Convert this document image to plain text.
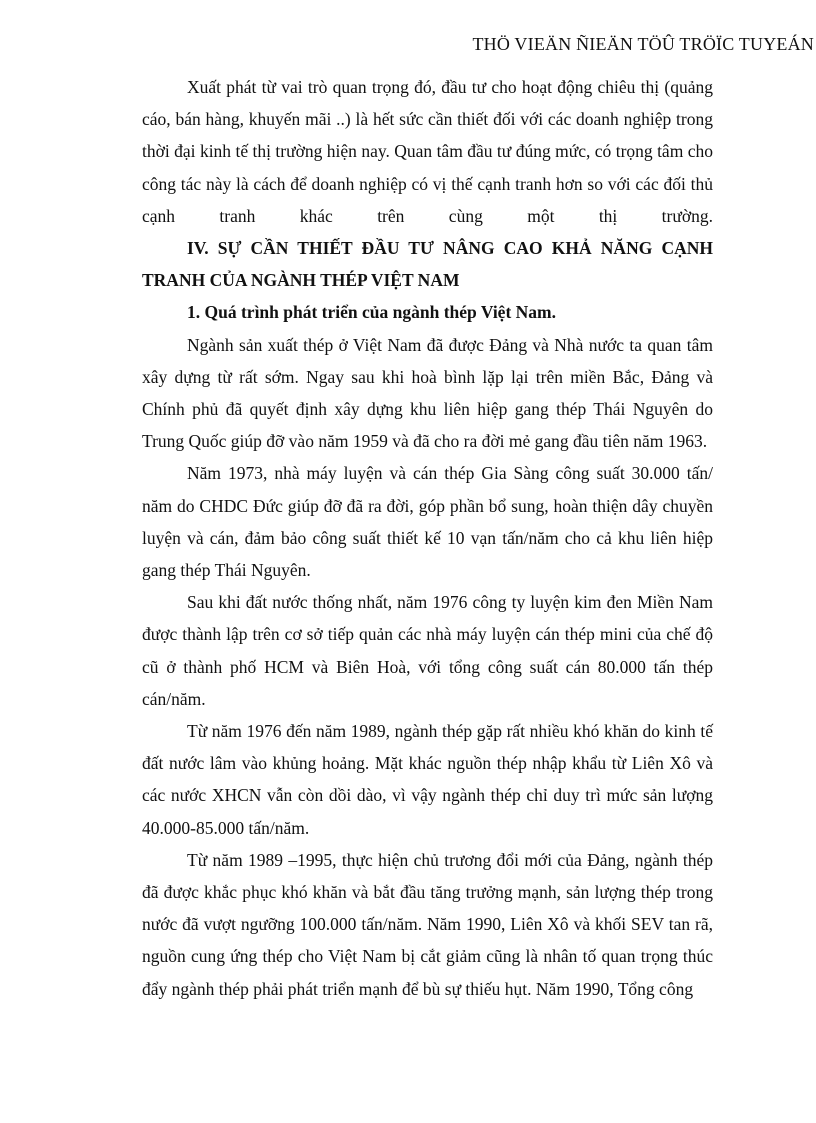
THÖ VIEÄN ÑIEÄN TÖÛ TRÖÏC TUYEÁN

Xuất phát từ vai trò quan trọng đó, đầu tư cho hoạt động chiêu thị (quảng cáo, bán hàng, khuyến mãi ..) là hết sức cần thiết đối với các doanh nghiệp trong thời đại kinh tế thị trường hiện nay. Quan tâm đầu tư đúng mức, có trọng tâm cho công tác này là cách để doanh nghiệp có vị thế cạnh tranh hơn so với các đối thủ cạnh tranh khác trên cùng một thị trường.

IV. SỰ CẦN THIẾT ĐẦU TƯ NÂNG CAO KHẢ NĂNG CẠNH TRANH CỦA NGÀNH THÉP VIỆT NAM

1. Quá trình phát triển của ngành thép Việt Nam.

Ngành sản xuất thép ở Việt Nam đã được Đảng và Nhà nước ta quan tâm xây dựng từ rất sớm. Ngay sau khi hoà bình lặp lại trên miền Bắc, Đảng và Chính phủ đã quyết định xây dựng khu liên hiệp gang thép Thái Nguyên do Trung Quốc giúp đỡ vào năm 1959 và đã cho ra đời mẻ gang đầu tiên năm 1963.

Năm 1973, nhà máy luyện và cán thép Gia Sàng công suất 30.000 tấn/ năm do CHDC Đức giúp đỡ đã ra đời, góp phần bổ sung, hoàn thiện dây chuyền luyện và cán, đảm bảo công suất thiết kế 10 vạn tấn/năm cho cả khu liên hiệp gang thép Thái Nguyên.

Sau khi đất nước thống nhất, năm 1976 công ty luyện kim đen Miền Nam được thành lập trên cơ sở tiếp quản các nhà máy luyện cán thép mini của chế độ cũ ở thành phố HCM và Biên Hoà, với tổng công suất cán 80.000 tấn thép cán/năm.

Từ năm 1976 đến năm 1989, ngành thép gặp rất nhiều khó khăn do kinh tế đất nước lâm vào khủng hoảng. Mặt khác nguồn thép nhập khẩu từ Liên Xô và các nước XHCN vẫn còn dồi dào, vì vậy ngành thép chỉ duy trì mức sản lượng 40.000-85.000 tấn/năm.

Từ năm 1989 –1995, thực hiện chủ trương đổi mới của Đảng, ngành thép đã được khắc phục khó khăn và bắt đầu tăng trưởng mạnh, sản lượng thép trong nước đã vượt ngưỡng 100.000 tấn/năm. Năm 1990, Liên Xô và khối SEV tan rã, nguồn cung ứng thép cho Việt Nam bị cắt giảm cũng là nhân tố quan trọng thúc đẩy ngành thép phải phát triển mạnh để bù sự thiếu hụt. Năm 1990, Tổng công
